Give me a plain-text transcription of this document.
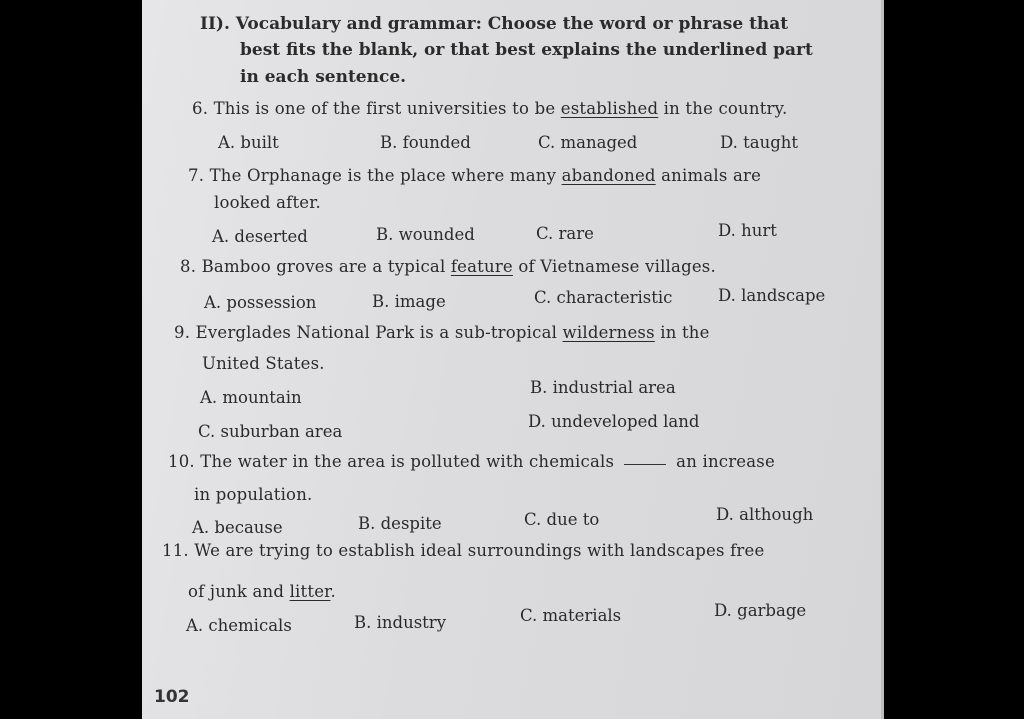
II). Vocabulary and grammar: Choose the word or phrase that
best fits the blank, or that best explains the underlined part
in each sentence.
6. This is one of the first universities to be established in the country.
A. built	B. founded	C. managed	D. taught
7. The Orphanage is the place where many abandoned animals are
looked after.
A. deserted	B. wounded	C. rare	D. hurt
8. Bamboo groves are a typical feature of Vietnamese villages.
A. possession	B. image	C. characteristic	D. landscape
9. Everglades National Park is a sub-tropical wilderness in the
United States.
A. mountain
B. industrial area
C. suburban area
D. undeveloped land
10. The water in the area is polluted with chemicals	an increase
in population.
A. because	B. despite	C. due to	D. although
11. We are trying to establish ideal surroundings with landscapes free
of junk and litter.
A. chemicals	B. industry	C. materials	D. garbage
102
